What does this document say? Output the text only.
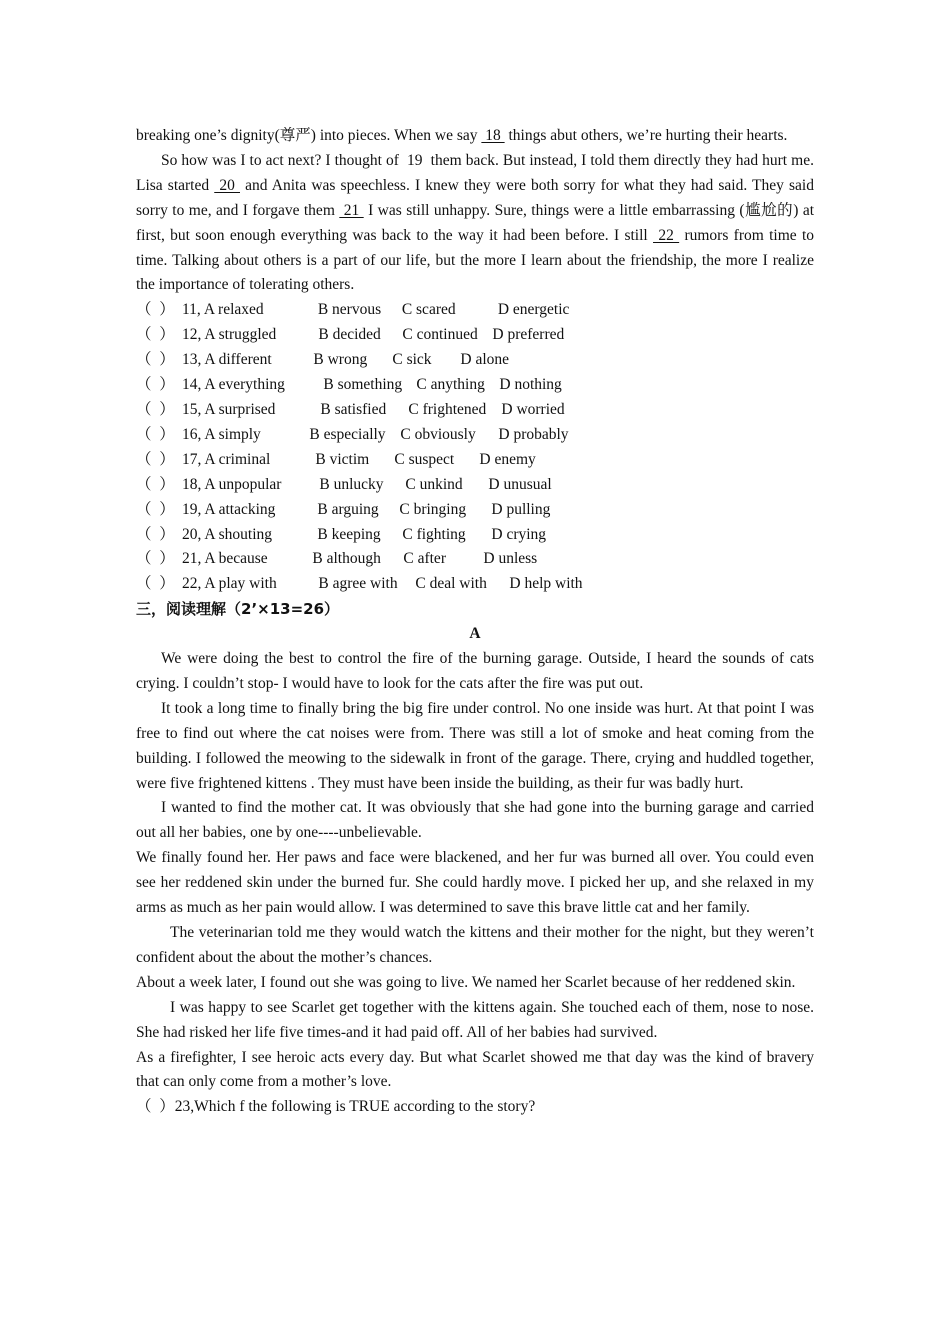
breaking one’s dignity(尊严) into pieces. When we say  18  things abut others, we’re hurting their hearts.

So how was I to act next? I thought of  19  them back. But instead, I told them directly they had hurt me. Lisa started  20  and Anita was speechless. I knew they were both sorry for what they had said. They said sorry to me, and I forgave them  21  I was still unhappy. Sure, things were a little embarrassing (尴尬的) at first, but soon enough everything was back to the way it had been before. I still  22  rumors from time to time. Talking about others is a part of our life, but the more I learn about the friendship, the more I realize the importance of tolerating others.

（  ） 11, A relaxed	B nervous	C scared	D energetic
（  ） 12, A struggled	B decided	C continued D preferred
（  ） 13, A different	B wrong	C sick	D alone
（  ） 14, A everything	B something C anything D nothing
（  ） 15, A surprised	B satisfied	C frightened D worried
（  ） 16, A simply	B especially C obviously	D probably
（  ） 17, A criminal	B victim	C suspect	D enemy
（  ） 18, A unpopular	B unlucky	C unkind	D unusual
（  ） 19, A attacking	B arguing	C bringing	D pulling
（  ） 20, A shouting	B keeping	C fighting	D crying
（  ） 21, A because	B although	C after	D unless
（  ） 22, A play with	B agree with	C deal with	D help with

三，阅读理解（2’×13=26）

A

We were doing the best to control the fire of the burning garage. Outside, I heard the sounds of cats crying. I couldn’t stop- I would have to look for the cats after the fire was put out.

It took a long time to finally bring the big fire under control. No one inside was hurt. At that point I was free to find out where the cat noises were from. There was still a lot of smoke and heat coming from the building. I followed the meowing to the sidewalk in front of the garage. There, crying and huddled together, were five frightened kittens . They must have been inside the building, as their fur was badly hurt.

I wanted to find the mother cat. It was obviously that she had gone into the burning garage and carried out all her babies, one by one----unbelievable.

We finally found her. Her paws and face were blackened, and her fur was burned all over. You could even see her reddened skin under the burned fur. She could hardly move. I picked her up, and she relaxed in my arms as much as her pain would allow. I was determined to save this brave little cat and her family.

The veterinarian told me they would watch the kittens and their mother for the night, but they weren’t confident about the about the mother’s chances.

About a week later, I found out she was going to live. We named her Scarlet because of her reddened skin.

I was happy to see Scarlet get together with the kittens again. She touched each of them, nose to nose. She had risked her life five times-and it had paid off. All of her babies had survived.

As a firefighter, I see heroic acts every day. But what Scarlet showed me that day was the kind of bravery that can only come from a mother’s love.

（  ）23,Which f the following is TRUE according to the story?
